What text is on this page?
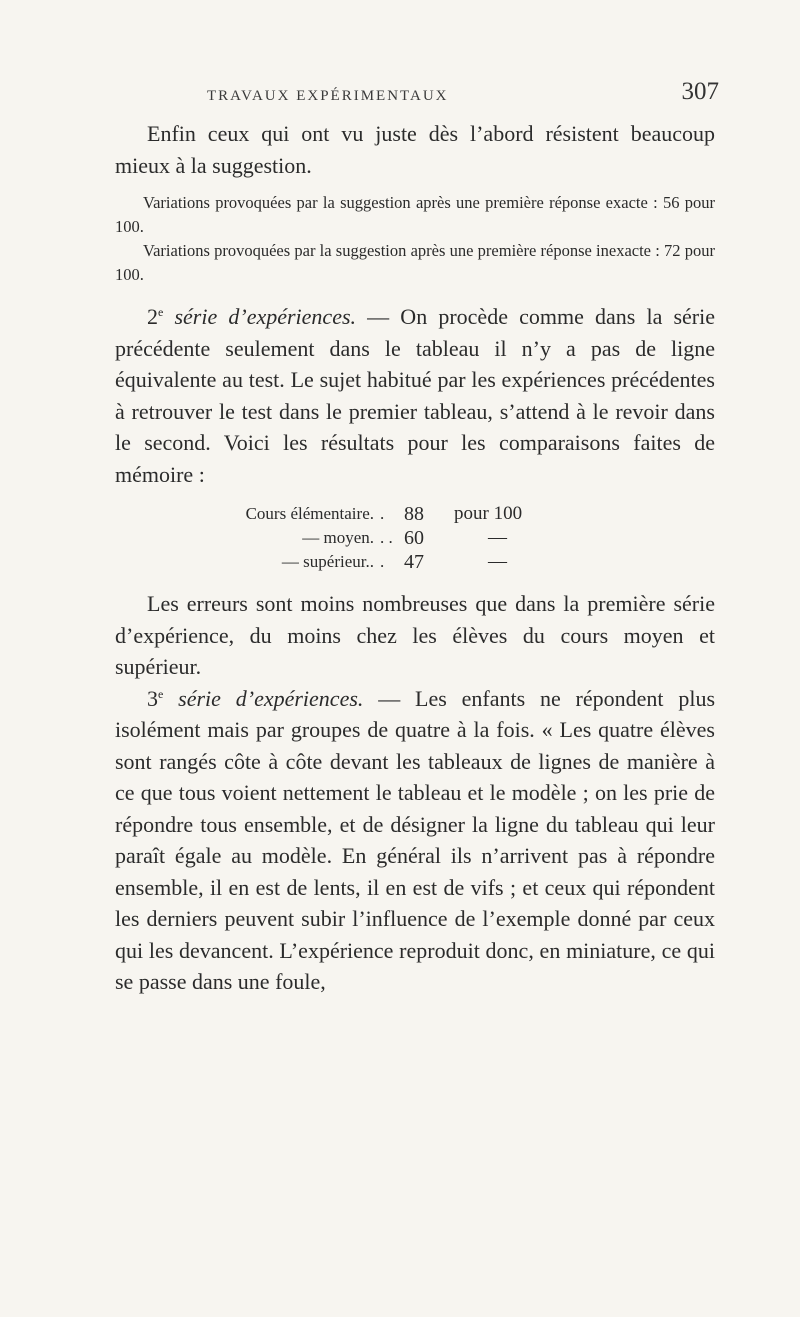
TRAVAUX EXPÉRIMENTAUX	307

Enfin ceux qui ont vu juste dès l’abord résistent beaucoup mieux à la suggestion.

Variations provoquées par la suggestion après une première réponse exacte : 56 pour 100.
Variations provoquées par la suggestion après une première réponse inexacte : 72 pour 100.

2e série d’expériences. — On procède comme dans la série précédente seulement dans le tableau il n’y a pas de ligne équivalente au test. Le sujet habitué par les expériences précédentes à retrouver le test dans le premier tableau, s’attend à le revoir dans le second. Voici les résultats pour les comparaisons faites de mémoire :

Cours élémentaire. . 88	pour 100
— moyen. . . 60	—
— supérieur.. . 47	—

Les erreurs sont moins nombreuses que dans la première série d’expérience, du moins chez les élèves du cours moyen et supérieur.

3e série d’expériences. — Les enfants ne répondent plus isolément mais par groupes de quatre à la fois. « Les quatre élèves sont rangés côte à côte devant les tableaux de lignes de manière à ce que tous voient nettement le tableau et le modèle ; on les prie de répondre tous ensemble, et de désigner la ligne du tableau qui leur paraît égale au modèle. En général ils n’arrivent pas à répondre ensemble, il en est de lents, il en est de vifs ; et ceux qui répondent les derniers peuvent subir l’influence de l’exemple donné par ceux qui les devancent. L’expérience reproduit donc, en miniature, ce qui se passe dans une foule,
